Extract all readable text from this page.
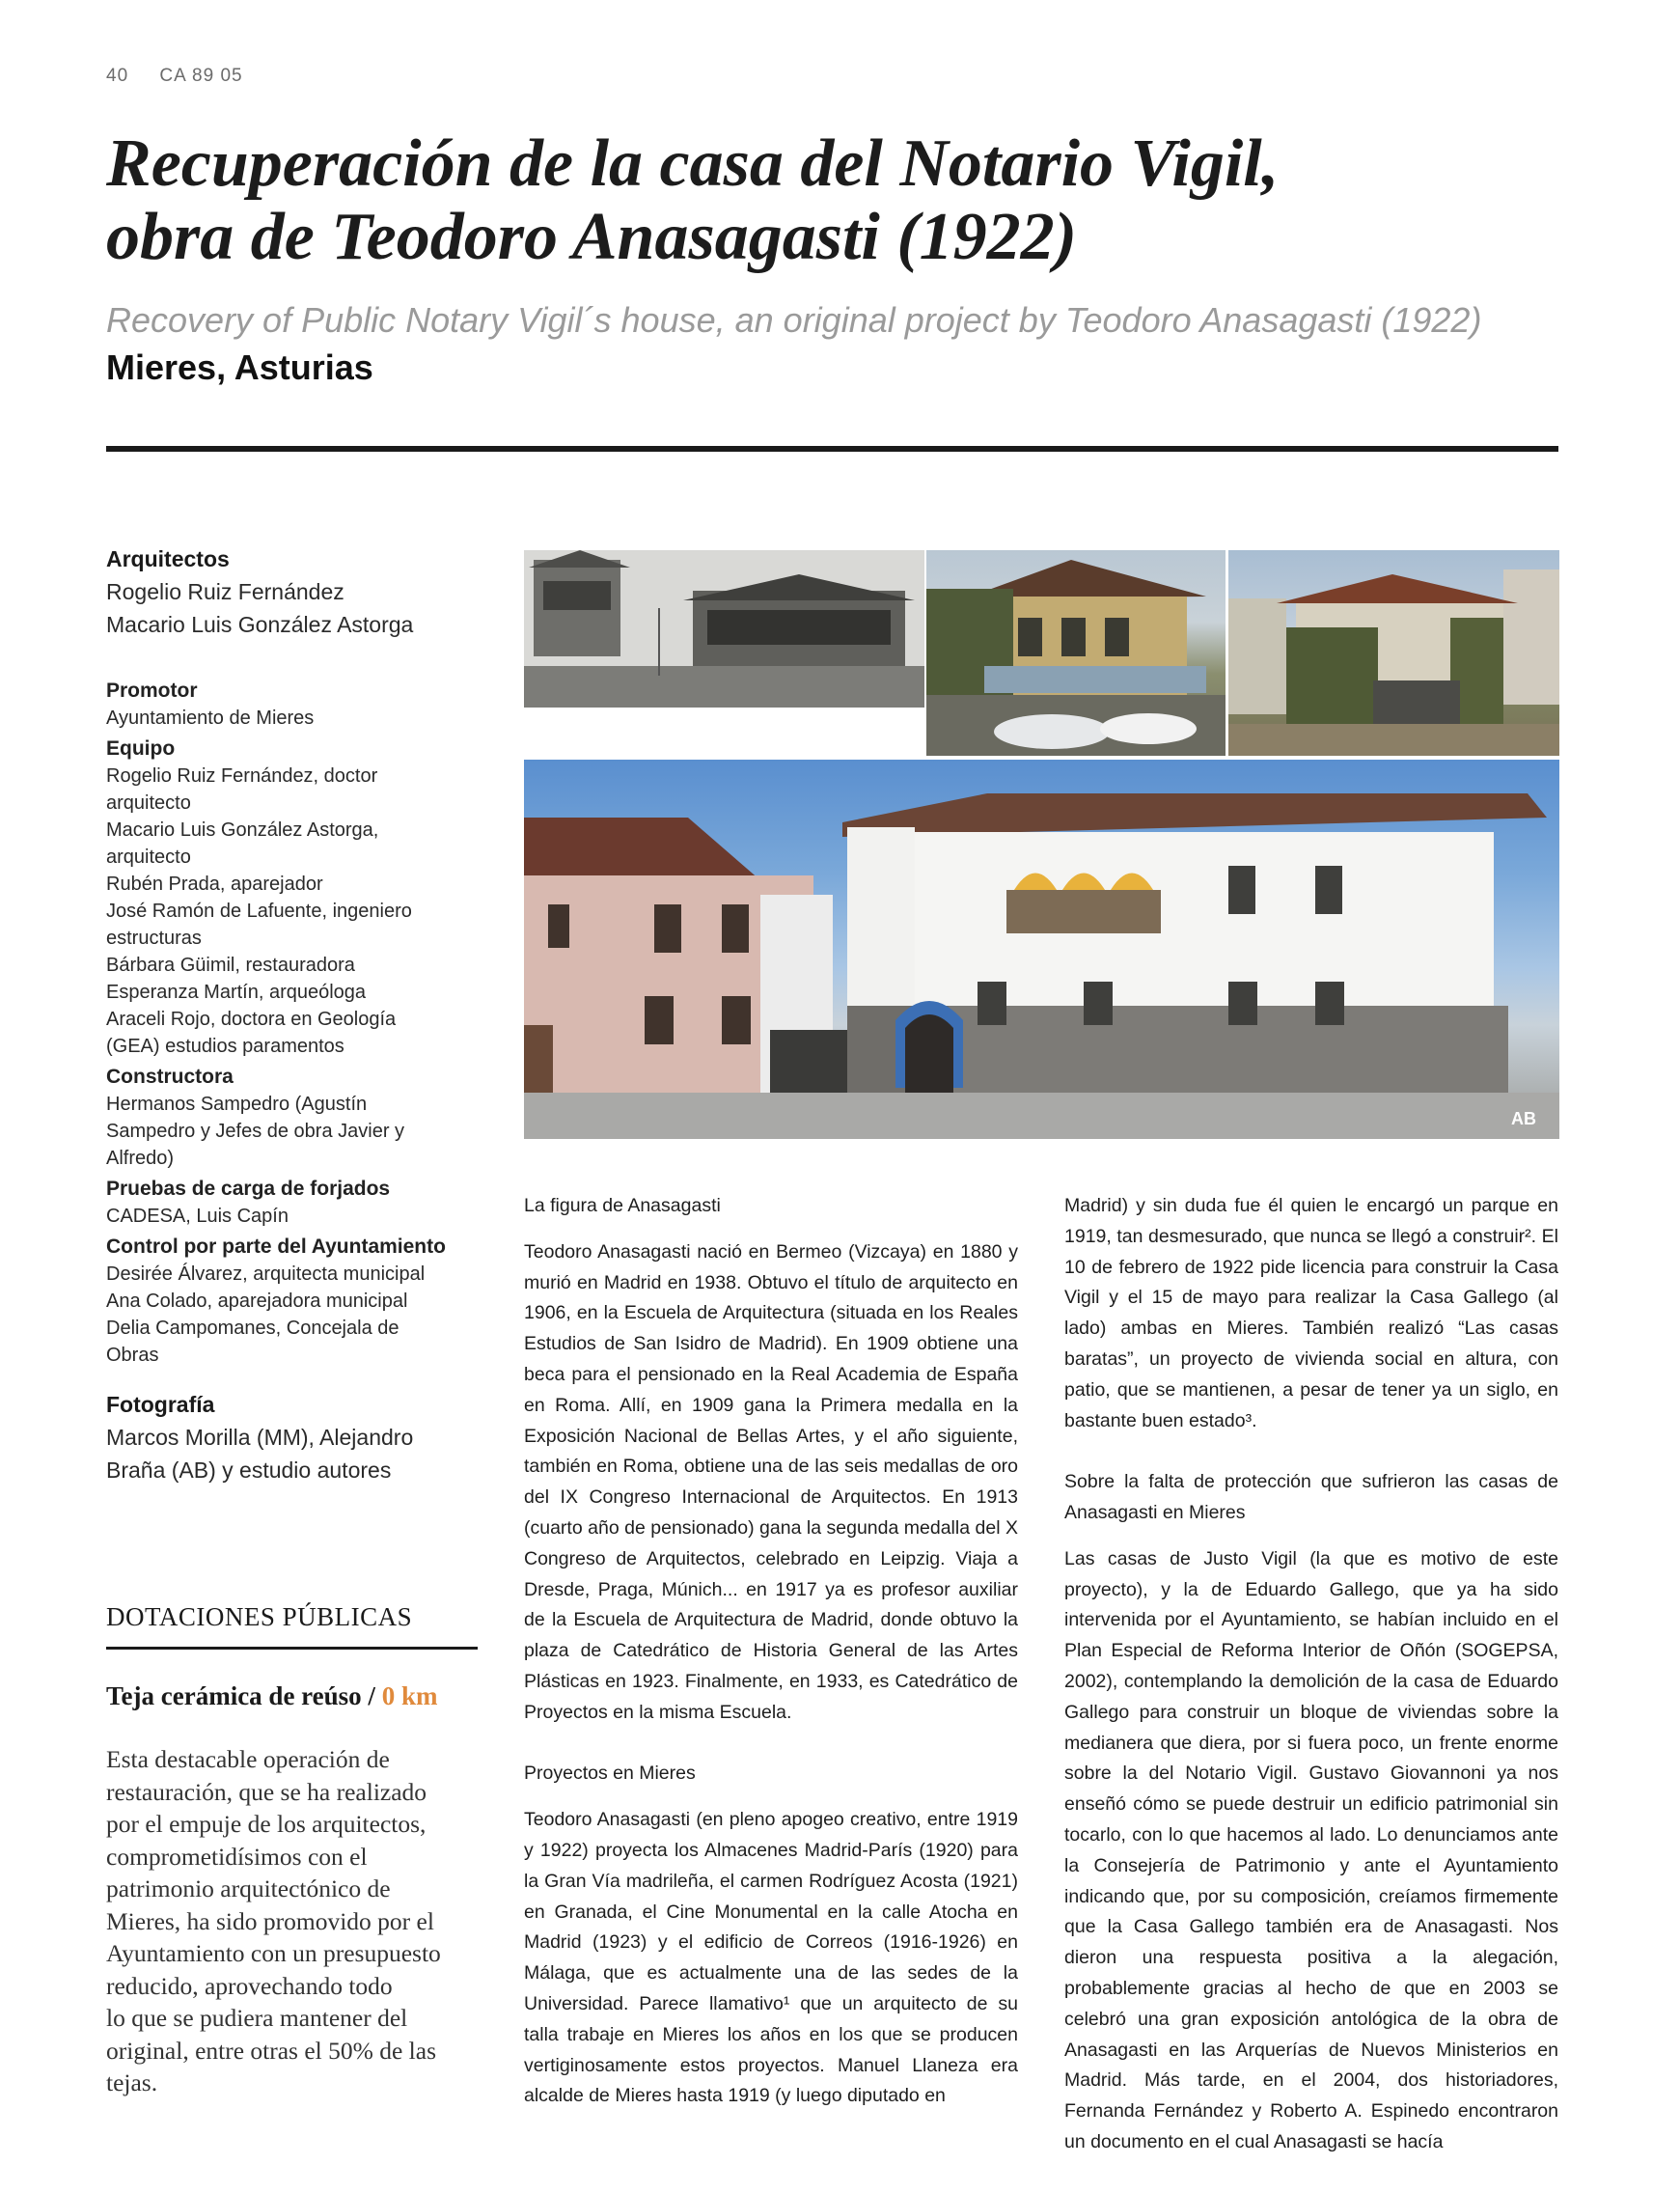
40 CA 89 05
Recuperación de la casa del Notario Vigil,
obra de Teodoro Anasagasti (1922)
Recovery of Public Notary Vigil´s house, an original project by Teodoro Anasagasti (1922)
Mieres, Asturias
Arquitectos
Rogelio Ruiz Fernández
Macario Luis González Astorga
Promotor
Ayuntamiento de Mieres
Equipo
Rogelio Ruiz Fernández, doctor
arquitecto
Macario Luis González Astorga,
arquitecto
Rubén Prada, aparejador
José Ramón de Lafuente, ingeniero
estructuras
Bárbara Güimil, restauradora
Esperanza Martín, arqueóloga
Araceli Rojo, doctora en Geología
(GEA) estudios paramentos
Constructora
Hermanos Sampedro (Agustín
Sampedro y Jefes de obra Javier y
Alfredo)
Pruebas de carga de forjados
CADESA, Luis Capín
Control por parte del Ayuntamiento
Desirée Álvarez, arquitecta municipal
Ana Colado, aparejadora municipal
Delia Campomanes, Concejala de
Obras
Fotografía
Marcos Morilla (MM), Alejandro
Braña (AB) y estudio autores
DOTACIONES PÚBLICAS
Teja cerámica de reúso / 0 km
Esta destacable operación de
restauración, que se ha realizado
por el empuje de los arquitectos,
comprometidísimos con el
patrimonio arquitectónico de
Mieres, ha sido promovido por el
Ayuntamiento con un presupuesto
reducido, aprovechando todo
lo que se pudiera mantener del
original, entre otras el 50% de las
tejas.
AB
La figura de Anasagasti

Teodoro Anasagasti nació en Bermeo (Vizcaya) en 1880 y murió en Madrid en 1938. Obtuvo el título de arquitecto en 1906, en la Escuela de Arquitectura (situada en los Reales Estudios de San Isidro de Madrid). En 1909 obtiene una beca para el pensionado en la Real Academia de España en Roma. Allí, en 1909 gana la Primera medalla en la Exposición Nacional de Bellas Artes, y el año siguiente, también en Roma, obtiene una de las seis medallas de oro del IX Congreso Internacional de Arquitectos. En 1913 (cuarto año de pensionado) gana la segunda medalla del X Congreso de Arquitectos, celebrado en Leipzig. Viaja a Dresde, Praga, Múnich... en 1917 ya es profesor auxiliar de la Escuela de Arquitectura de Madrid, donde obtuvo la plaza de Catedrático de Historia General de las Artes Plásticas en 1923. Finalmente, en 1933, es Catedrático de Proyectos en la misma Escuela.

Proyectos en Mieres

Teodoro Anasagasti (en pleno apogeo creativo, entre 1919 y 1922) proyecta los Almacenes Madrid-París (1920) para la Gran Vía madrileña, el carmen Rodríguez Acosta (1921) en Granada, el Cine Monumental en la calle Atocha en Madrid (1923) y el edificio de Correos (1916-1926) en Málaga, que es actualmente una de las sedes de la Universidad. Parece llamativo¹ que un arquitecto de su talla trabaje en Mieres los años en los que se producen vertiginosamente estos proyectos. Manuel Llaneza era alcalde de Mieres hasta 1919 (y luego diputado en

Madrid) y sin duda fue él quien le encargó un parque en 1919, tan desmesurado, que nunca se llegó a construir². El 10 de febrero de 1922 pide licencia para construir la Casa Vigil y el 15 de mayo para realizar la Casa Gallego (al lado) ambas en Mieres. También realizó “Las casas baratas”, un proyecto de vivienda social en altura, con patio, que se mantienen, a pesar de tener ya un siglo, en bastante buen estado³.

Sobre la falta de protección que sufrieron las casas de Anasagasti en Mieres

Las casas de Justo Vigil (la que es motivo de este proyecto), y la de Eduardo Gallego, que ya ha sido intervenida por el Ayuntamiento, se habían incluido en el Plan Especial de Reforma Interior de Oñón (SOGEPSA, 2002), contemplando la demolición de la casa de Eduardo Gallego para construir un bloque de viviendas sobre la medianera que diera, por si fuera poco, un frente enorme sobre la del Notario Vigil. Gustavo Giovannoni ya nos enseñó cómo se puede destruir un edificio patrimonial sin tocarlo, con lo que hacemos al lado. Lo denunciamos ante la Consejería de Patrimonio y ante el Ayuntamiento indicando que, por su composición, creíamos firmemente que la Casa Gallego también era de Anasagasti. Nos dieron una respuesta positiva a la alegación, probablemente gracias al hecho de que en 2003 se celebró una gran exposición antológica de la obra de Anasagasti en las Arquerías de Nuevos Ministerios en Madrid. Más tarde, en el 2004, dos historiadores, Fernanda Fernández y Roberto A. Espinedo encontraron un documento en el cual Anasagasti se hacía
